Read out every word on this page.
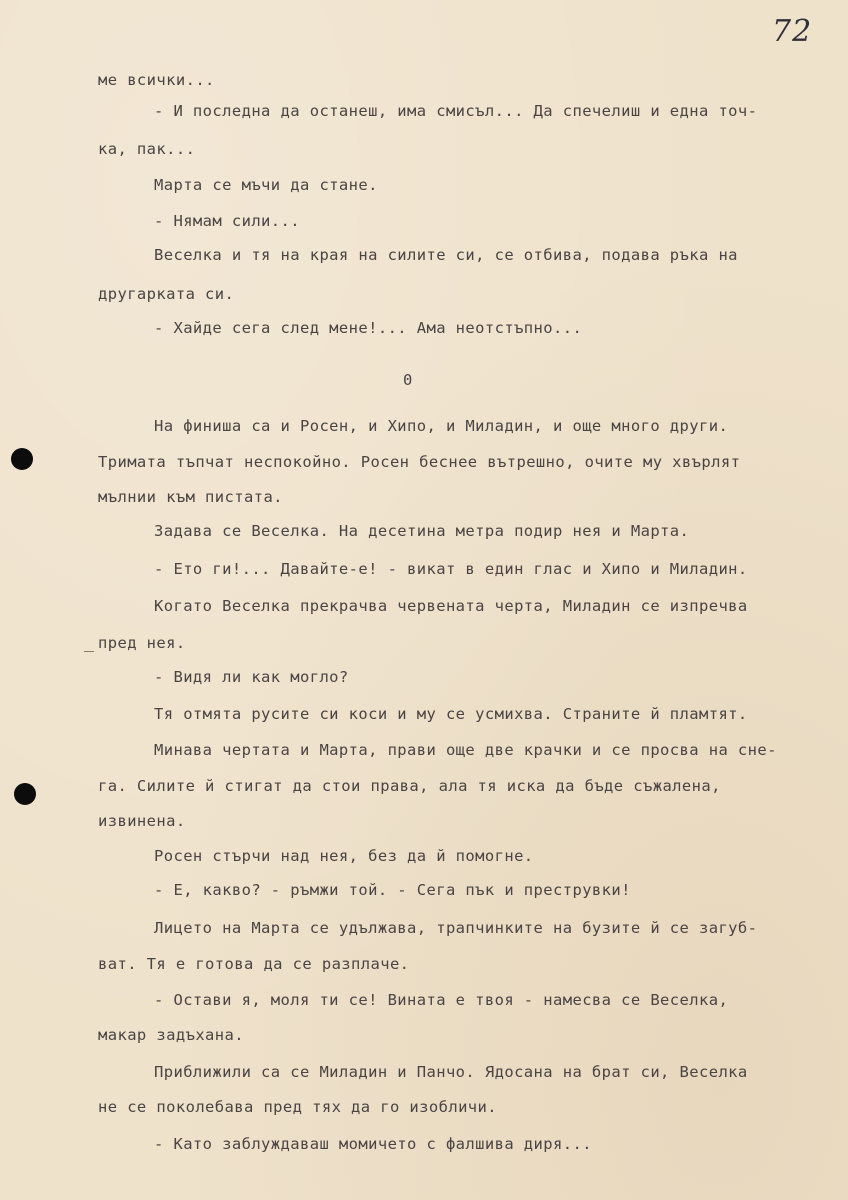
72
ме всички...
- И последна да останеш, има смисъл... Да спечелиш и една точ-
ка, пак...
Марта се мъчи да стане.
- Нямам сили...
Веселка и тя на края на силите си, се отбива, подава ръка на
другарката си.
- Хайде сега след мене!... Ама неотстъпно...
0
На финиша са и Росен, и Хипо, и Миладин, и още много други.
Тримата тъпчат неспокойно. Росен беснее вътрешно, очите му хвърлят
мълнии към пистата.
Задава се Веселка. На десетина метра подир нея и Марта.
- Ето ги!... Давайте-е! - викат в един глас и Хипо и Миладин.
Когато Веселка прекрачва червената черта, Миладин се изпречва
пред нея.
- Видя ли как могло?
Тя отмята русите си коси и му се усмихва. Страните й пламтят.
Минава чертата и Марта, прави още две крачки и се просва на сне-
га. Силите й стигат да стои права, ала тя иска да бъде съжалена,
извинена.
Росен стърчи над нея, без да й помогне.
- Е, какво? - ръмжи той. - Сега пък и преструвки!
Лицето на Марта се удължава, трапчинките на бузите й се загуб-
ват. Тя е готова да се разплаче.
- Остави я, моля ти се! Вината е твоя - намесва се Веселка,
макар задъхана.
Приближили са се Миладин и Панчо. Ядосана на брат си, Веселка
не се поколебава пред тях да го изобличи.
- Като заблуждаваш момичето с фалшива диря...
